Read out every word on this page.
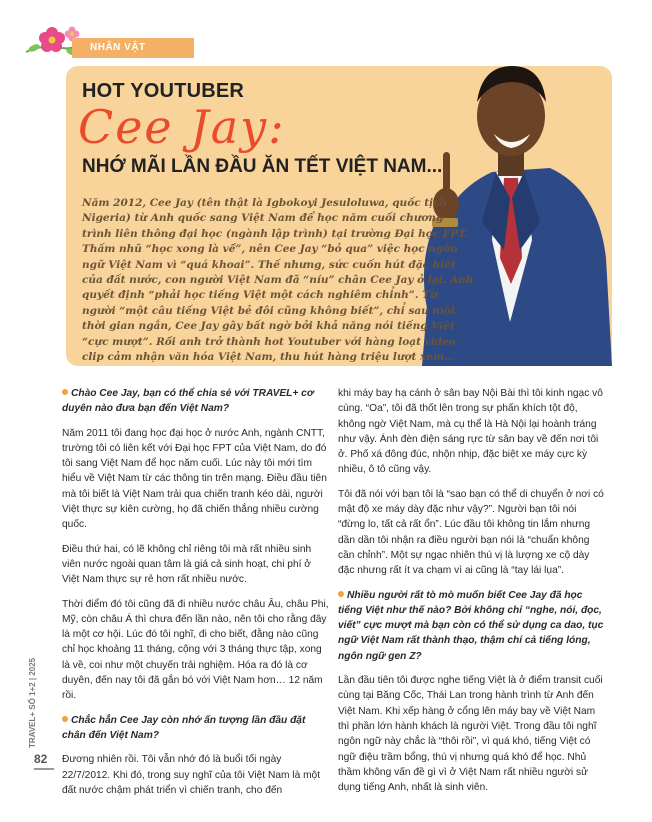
NHÂN VẬT
HOT YOUTUBER
Cee Jay:
NHỚ MÃI LẦN ĐẦU ĂN TẾT VIỆT NAM...

Năm 2012, Cee Jay (tên thật là Igbokoyi Jesuloluwa, quốc tịch Nigeria) từ Anh quốc sang Việt Nam để học năm cuối chương trình liên thông đại học (ngành lập trình) tại trường Đại học FPT. Thấm nhũ “học xong là về”, nên Cee Jay “bỏ qua” việc học ngôn ngữ Việt Nam vì “quá khoai”. Thế nhưng, sức cuốn hút đặc biệt của đất nước, con người Việt Nam đã “níu” chân Cee Jay ở lại. Anh quyết định “phải học tiếng Việt một cách nghiêm chỉnh”. Từ người “một câu tiếng Việt bẻ đôi cũng không biết”, chỉ sau một thời gian ngắn, Cee Jay gây bất ngờ bởi khả năng nói tiếng Việt “cực mượt”. Rồi anh trở thành hot Youtuber với hàng loạt video clip cảm nhận văn hóa Việt Nam, thu hút hàng triệu lượt xem…

Chào Cee Jay, bạn có thể chia sẻ với TRAVEL+ cơ duyên nào đưa bạn đến Việt Nam?

Năm 2011 tôi đang học đại học ở nước Anh, ngành CNTT, trường tôi có liên kết với Đại học FPT của Việt Nam, do đó tôi sang Việt Nam để học năm cuối. Lúc này tôi mới tìm hiểu về Việt Nam từ các thông tin trên mạng. Điều đầu tiên mà tôi biết là Việt Nam trải qua chiến tranh kéo dài, người Việt thực sự kiên cường, họ đã chiến thắng nhiều cường quốc.

Điều thứ hai, có lẽ không chỉ riêng tôi mà rất nhiều sinh viên nước ngoài quan tâm là giá cả sinh hoạt, chi phí ở Việt Nam thực sự rẻ hơn rất nhiều nước.

Thời điểm đó tôi cũng đã đi nhiều nước châu Âu, châu Phi, Mỹ, còn châu Á thì chưa đến lần nào, nên tôi cho rằng đây là một cơ hội. Lúc đó tôi nghĩ, đi cho biết, đằng nào cũng chỉ học khoảng 11 tháng, cộng với 3 tháng thực tập, xong là về, coi như một chuyến trải nghiệm. Hóa ra đó là cơ duyên, đến nay tôi đã gắn bó với Việt Nam hơn… 12 năm rồi.

Chắc hẳn Cee Jay còn nhớ ấn tượng lần đầu đặt chân đến Việt Nam?

Đương nhiên rồi. Tôi vẫn nhớ đó là buổi tối ngày 22/7/2012. Khi đó, trong suy nghĩ của tôi Việt Nam là một đất nước chậm phát triển vì chiến tranh, cho đến

khi máy bay hạ cánh ở sân bay Nội Bài thì tôi kinh ngạc vô cùng. “Oa”, tôi đã thốt lên trong sự phấn khích tột độ, không ngờ Việt Nam, mà cụ thể là Hà Nội lại hoành tráng như vậy. Ánh đèn điện sáng rực từ sân bay về đến nơi tôi ở. Phố xá đông đúc, nhộn nhịp, đặc biệt xe máy cực kỳ nhiều, ô tô cũng vậy.

Tôi đã nói với bạn tôi là “sao bạn có thể di chuyển ở nơi có mật độ xe máy dày đặc như vậy?”. Người bạn tôi nói “đừng lo, tất cả rất ổn”. Lúc đầu tôi không tin lắm nhưng dần dần tôi nhận ra điều người bạn nói là “chuẩn không cần chỉnh”. Một sự ngạc nhiên thú vị là lượng xe cộ dày đặc nhưng rất ít va chạm vì ai cũng là “tay lái lụa”.

Nhiều người rất tò mò muốn biết Cee Jay đã học tiếng Việt như thế nào? Bởi không chỉ “nghe, nói, đọc, viết” cực mượt mà bạn còn có thể sử dụng ca dao, tục ngữ Việt Nam rất thành thạo, thậm chí cả tiếng lóng, ngôn ngữ gen Z?

Lần đầu tiên tôi được nghe tiếng Việt là ở điểm transit cuối cùng tại Băng Cốc, Thái Lan trong hành trình từ Anh đến Việt Nam. Khi xếp hàng ở cổng lên máy bay về Việt Nam thì phần lớn hành khách là người Việt. Trong đầu tôi nghĩ ngôn ngữ này chắc là “thôi rồi”, vì quá khó, tiếng Việt có ngữ điệu trầm bổng, thú vị nhưng quá khó để học. Nhủ thầm không vấn đề gì vì ở Việt Nam rất nhiều người sử dụng tiếng Anh, nhất là sinh viên.

TRAVEL+ SỐ 1+2 | 2025
82
